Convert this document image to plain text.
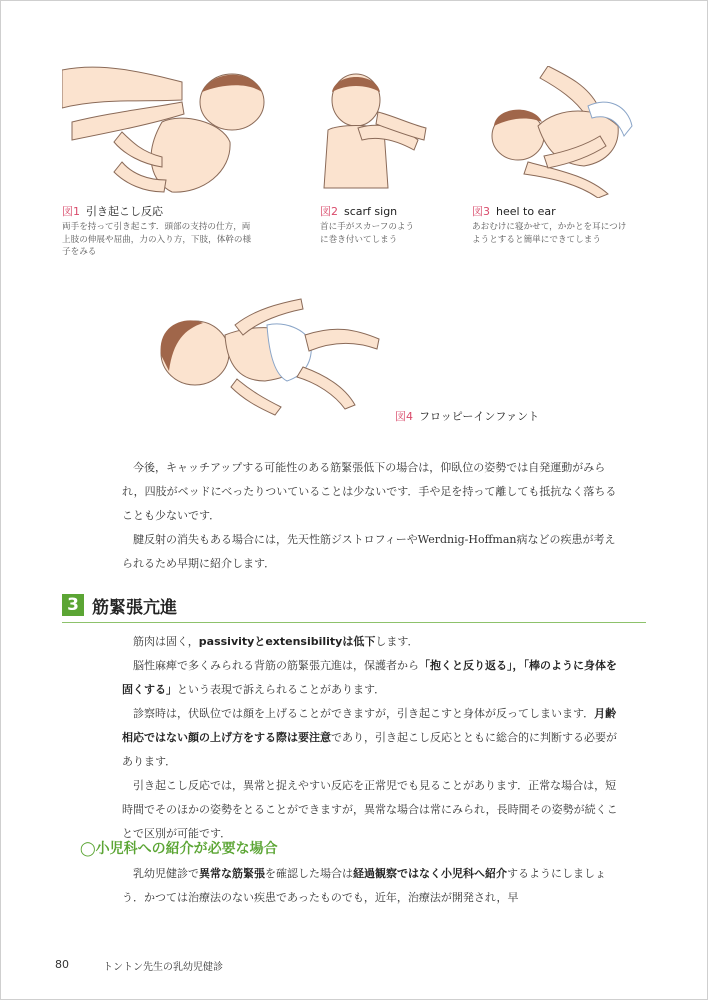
図1 引き起こし反応
両手を持って引き起こす．頭部の支持の仕方，両
上肢の伸展や屈曲，力の入り方，下肢，体幹の様
子をみる
図2 scarf sign
首に手がスカーフのよう
に巻き付いてしまう
図3 heel to ear
あおむけに寝かせて，かかとを耳につけ
ようとすると簡単にできてしまう
図4 フロッピーインファント

今後，キャッチアップする可能性のある筋緊張低下の場合は，仰臥位の姿勢では自発運動がみられ，四肢がベッドにべったりついていることは少ないです．手や足を持って離しても抵抗なく落ちることも少ないです．

腱反射の消失もある場合には，先天性筋ジストロフィーやWerdnig-Hoffman病などの疾患が考えられるため早期に紹介します．

3 筋緊張亢進

筋肉は固く，passivityとextensibilityは低下します．

脳性麻痺で多くみられる背筋の筋緊張亢進は，保護者から「抱くと反り返る」，「棒のように身体を固くする」という表現で訴えられることがあります．

診察時は，伏臥位では顔を上げることができますが，引き起こすと身体が反ってしまいます．月齢相応ではない顔の上げ方をする際は要注意であり，引き起こし反応とともに総合的に判断する必要があります．

引き起こし反応では，異常と捉えやすい反応を正常児でも見ることがあります．正常な場合は，短時間でそのほかの姿勢をとることができますが，異常な場合は常にみられ，長時間その姿勢が続くことで区別が可能です．

◯小児科への紹介が必要な場合

乳幼児健診で異常な筋緊張を確認した場合は経過観察ではなく小児科へ紹介するようにしましょう．かつては治療法のない疾患であったものでも，近年，治療法が開発され，早

80	トントン先生の乳幼児健診
